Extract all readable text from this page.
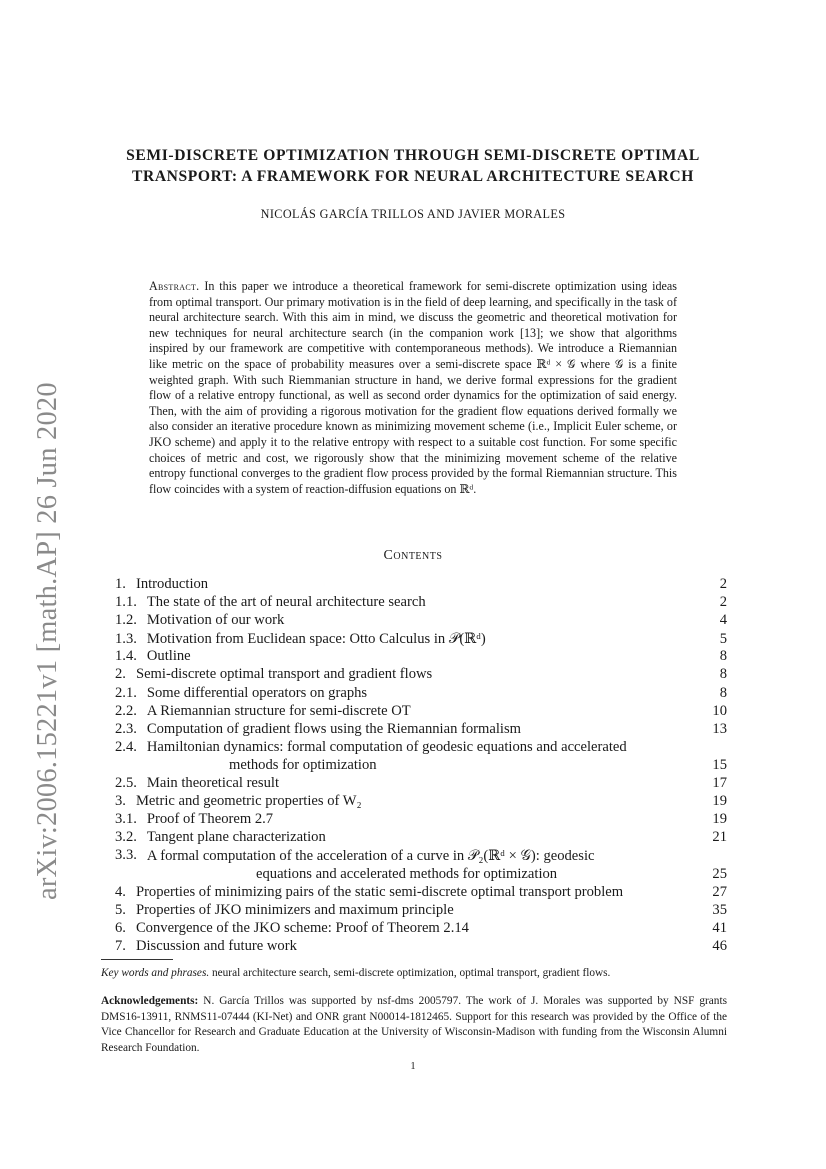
arXiv:2006.15221v1 [math.AP] 26 Jun 2020
SEMI-DISCRETE OPTIMIZATION THROUGH SEMI-DISCRETE OPTIMAL
TRANSPORT: A FRAMEWORK FOR NEURAL ARCHITECTURE SEARCH
NICOLÁS GARCÍA TRILLOS AND JAVIER MORALES
Abstract. In this paper we introduce a theoretical framework for semi-discrete optimization using ideas from optimal transport. Our primary motivation is in the field of deep learning, and specifically in the task of neural architecture search. With this aim in mind, we discuss the geometric and theoretical motivation for new techniques for neural architecture search (in the companion work [13]; we show that algorithms inspired by our framework are competitive with contemporaneous methods). We introduce a Riemannian like metric on the space of probability measures over a semi-discrete space ℝᵈ × 𝒢 where 𝒢 is a finite weighted graph. With such Riemmanian structure in hand, we derive formal expressions for the gradient flow of a relative entropy functional, as well as second order dynamics for the optimization of said energy. Then, with the aim of providing a rigorous motivation for the gradient flow equations derived formally we also consider an iterative procedure known as minimizing movement scheme (i.e., Implicit Euler scheme, or JKO scheme) and apply it to the relative entropy with respect to a suitable cost function. For some specific choices of metric and cost, we rigorously show that the minimizing movement scheme of the relative entropy functional converges to the gradient flow process provided by the formal Riemannian structure. This flow coincides with a system of reaction-diffusion equations on ℝᵈ.
Contents
1. Introduction	2
1.1. The state of the art of neural architecture search	2
1.2. Motivation of our work	4
1.3. Motivation from Euclidean space: Otto Calculus in 𝒫(ℝᵈ)	5
1.4. Outline	8
2. Semi-discrete optimal transport and gradient flows	8
2.1. Some differential operators on graphs	8
2.2. A Riemannian structure for semi-discrete OT	10
2.3. Computation of gradient flows using the Riemannian formalism	13
2.4. Hamiltonian dynamics: formal computation of geodesic equations and accelerated
methods for optimization	15
2.5. Main theoretical result	17
3. Metric and geometric properties of W₂	19
3.1. Proof of Theorem 2.7	19
3.2. Tangent plane characterization	21
3.3. A formal computation of the acceleration of a curve in 𝒫₂(ℝᵈ × 𝒢): geodesic
equations and accelerated methods for optimization	25
4. Properties of minimizing pairs of the static semi-discrete optimal transport problem	27
5. Properties of JKO minimizers and maximum principle	35
6. Convergence of the JKO scheme: Proof of Theorem 2.14	41
7. Discussion and future work	46
Key words and phrases. neural architecture search, semi-discrete optimization, optimal transport, gradient flows.
Acknowledgements: N. García Trillos was supported by nsf-dms 2005797. The work of J. Morales was supported by NSF grants DMS16-13911, RNMS11-07444 (KI-Net) and ONR grant N00014-1812465. Support for this research was provided by the Office of the Vice Chancellor for Research and Graduate Education at the University of Wisconsin-Madison with funding from the Wisconsin Alumni Research Foundation.
1
